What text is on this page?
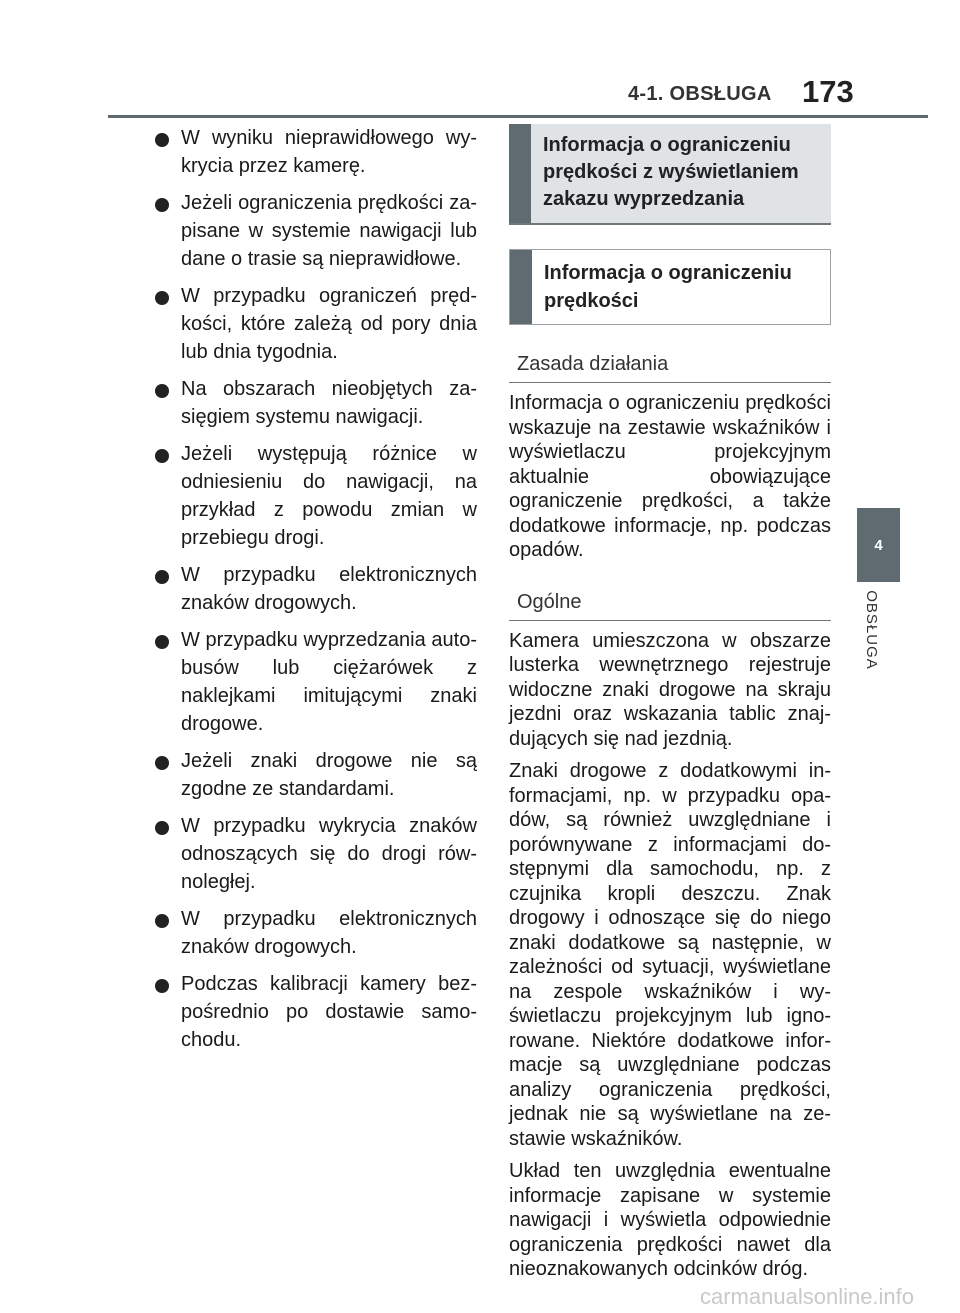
4-1. OBSŁUGA 173
4
OBSŁUGA
W wyniku nieprawidłowego wykrycia przez kamerę.
Jeżeli ograniczenia prędkości zapisane w systemie nawigacji lub dane o trasie są nieprawidłowe.
W przypadku ograniczeń prędkości, które zależą od pory dnia lub dnia tygodnia.
Na obszarach nieobjętych zasięgiem systemu nawigacji.
Jeżeli występują różnice w odniesieniu do nawigacji, na przykład z powodu zmian w przebiegu drogi.
W przypadku elektronicznych znaków drogowych.
W przypadku wyprzedzania autobusów lub ciężarówek z naklejkami imitującymi znaki drogowe.
Jeżeli znaki drogowe nie są zgodne ze standardami.
W przypadku wykrycia znaków odnoszących się do drogi równoległej.
W przypadku elektronicznych znaków drogowych.
Podczas kalibracji kamery bezpośrednio po dostawie samochodu.
Informacja o ograniczeniu prędkości z wyświetlaniem zakazu wyprzedzania
Informacja o ograniczeniu prędkości
Zasada działania
Informacja o ograniczeniu prędkości wskazuje na zestawie wskaźników i wyświetlaczu projekcyjnym aktualnie obowiązujące ograniczenie prędkości, a także dodatkowe informacje, np. podczas opadów.
Ogólne
Kamera umieszczona w obszarze lusterka wewnętrznego rejestruje widoczne znaki drogowe na skraju jezdni oraz wskazania tablic znajdujących się nad jezdnią.
Znaki drogowe z dodatkowymi informacjami, np. w przypadku opadów, są również uwzględniane i porównywane z informacjami dostępnymi dla samochodu, np. z czujnika kropli deszczu. Znak drogowy i odnoszące się do niego znaki dodatkowe są następnie, w zależności od sytuacji, wyświetlane na zespole wskaźników i wyświetlaczu projekcyjnym lub ignorowane. Niektóre dodatkowe informacje są uwzględniane podczas analizy ograniczenia prędkości, jednak nie są wyświetlane na zestawie wskaźników.
Układ ten uwzględnia ewentualne informacje zapisane w systemie nawigacji i wyświetla odpowiednie ograniczenia prędkości nawet dla nieoznakowanych odcinków dróg.
carmanualsonline.info
